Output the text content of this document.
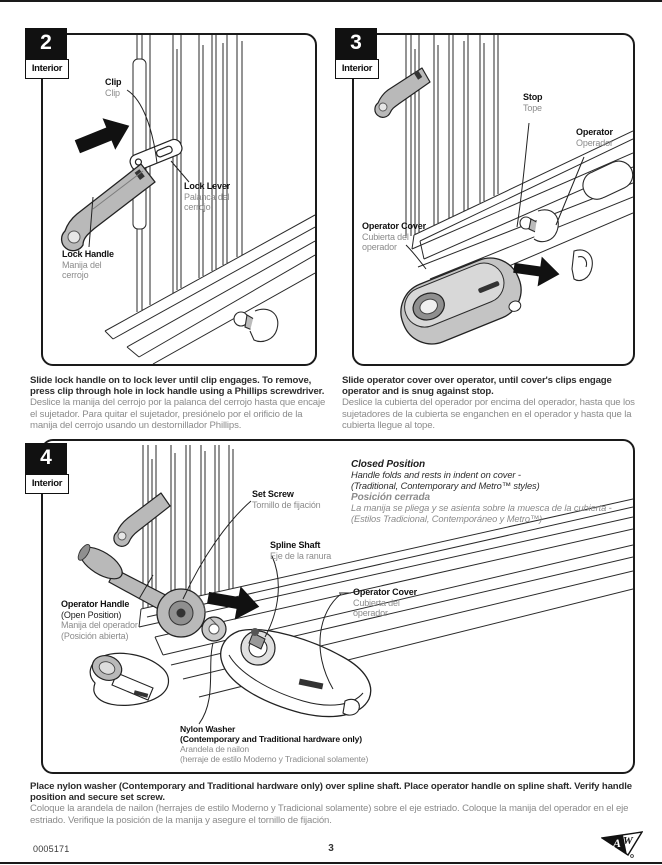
Clip
Clip
Lock Lever
Palanca del cerrojo
Lock Handle
Manija del cerrojo
Stop
Tope
Operator
Operador
Operator Cover
Cubierta del operador
Set Screw
Tornillo de fijación
Spline Shaft
Eje de la ranura
Operator Handle
(Open Position)
Manija del operador
(Posición abierta)
Operator Cover
Cubierta del operador
Nylon Washer
(Contemporary and Traditional hardware only)
Arandela de nailon
(herraje de estilo Moderno y Tradicional solamente)
Closed Position
Handle folds and rests in indent on cover -
(Traditional, Contemporary and Metro™ styles)
Posición cerrada
La manija se pliega y se asienta sobre la muesca de la cubierta -
(Estilos Tradicional, Contemporáneo y Metro™)
2
Interior
3
Interior
4
Interior
Slide lock handle on to lock lever until clip engages. To remove, press clip through hole in lock handle using a Phillips screwdriver.
Deslice la manija del cerrojo por la palanca del cerrojo hasta que encaje el sujetador. Para quitar el sujetador, presiónelo por el orificio de la manija del cerrojo usando un destornillador Phillips.
Slide operator cover over operator, until cover's clips engage operator and is snug against stop.
Deslice la cubierta del operador por encima del operador, hasta que los sujetadores de la cubierta se enganchen en el operador y hasta que la cubierta llegue al tope.
Place nylon washer (Contemporary and Traditional hardware only) over spline shaft. Place operator handle on spline shaft. Verify handle position and secure set screw.
Coloque la arandela de nailon (herrajes de estilo Moderno y Tradicional solamente) sobre el eje estriado. Coloque la manija del operador en el eje estriado. Verifique la posición de la manija y asegure el tornillo de fijación.
0005171	3	A W
